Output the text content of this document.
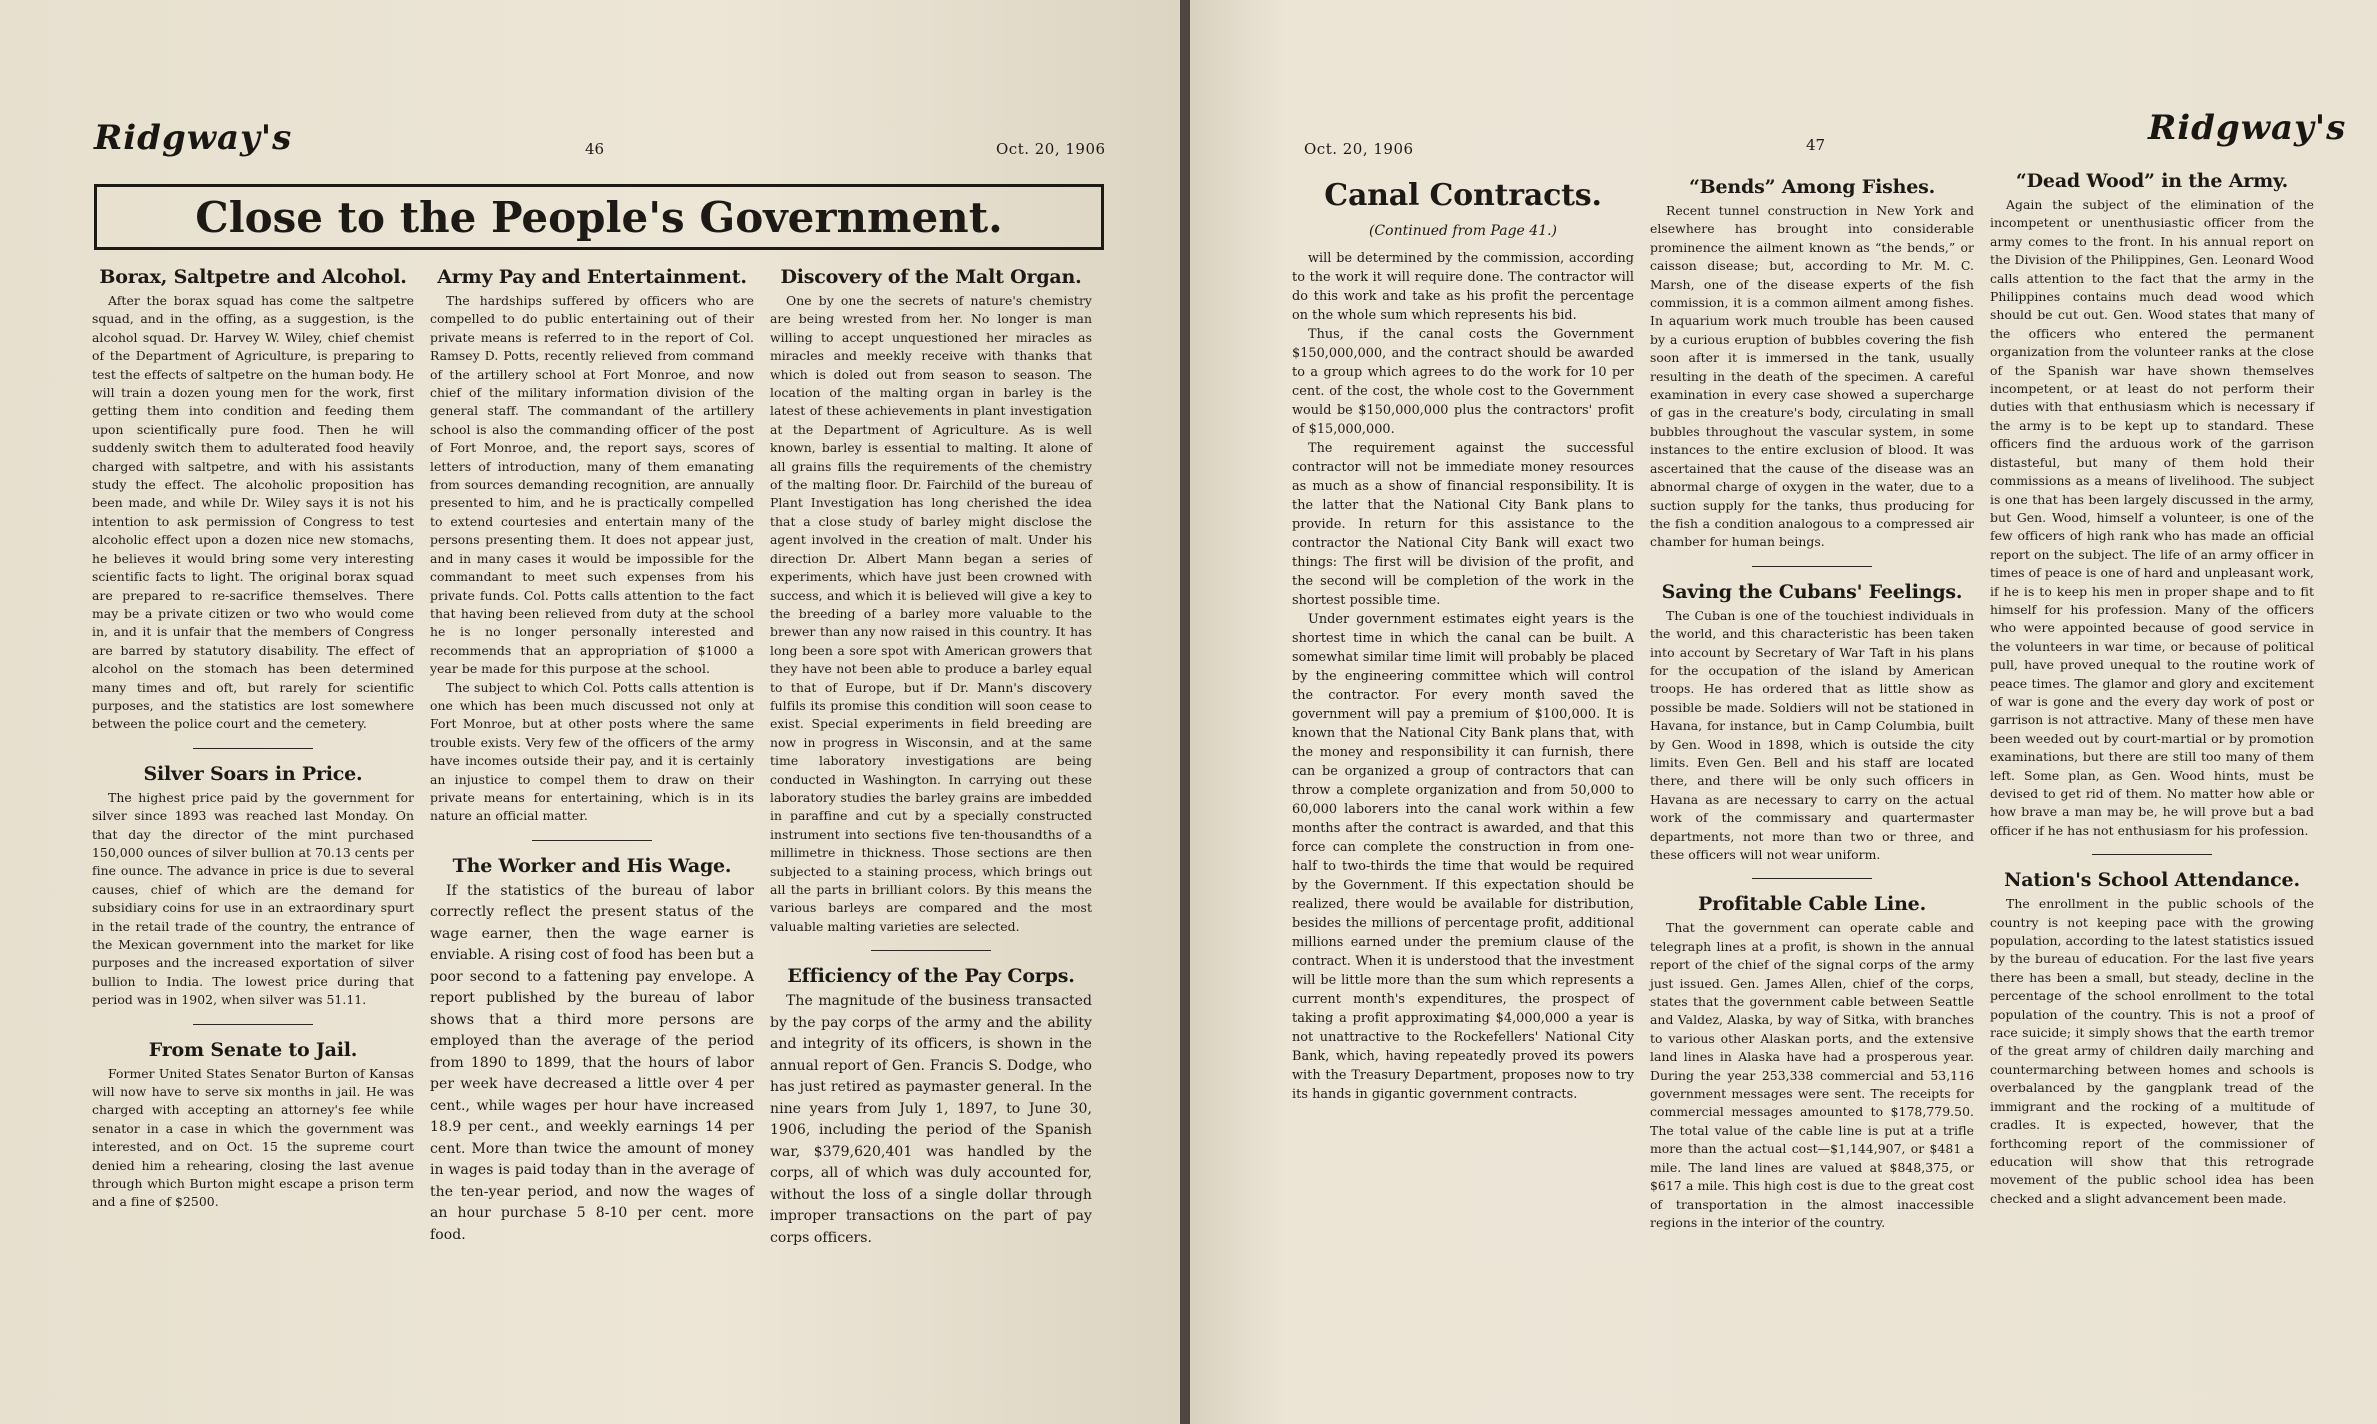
Ridgway's	46	Oct. 20, 1906
Close to the People's Government.
Borax, Saltpetre and Alcohol.

After the borax squad has come the saltpetre squad, and in the offing, as a suggestion, is the alcohol squad. Dr. Harvey W. Wiley, chief chemist of the Department of Agriculture, is preparing to test the effects of saltpetre on the human body. He will train a dozen young men for the work, first getting them into condition and feeding them upon scientifically pure food. Then he will suddenly switch them to adulterated food heavily charged with saltpetre, and with his assistants study the effect. The alcoholic proposition has been made, and while Dr. Wiley says it is not his intention to ask permission of Congress to test alcoholic effect upon a dozen nice new stomachs, he believes it would bring some very interesting scientific facts to light. The original borax squad are prepared to re-sacrifice themselves. There may be a private citizen or two who would come in, and it is unfair that the members of Congress are barred by statutory disability. The effect of alcohol on the stomach has been determined many times and oft, but rarely for scientific purposes, and the statistics are lost somewhere between the police court and the cemetery.

Silver Soars in Price.

The highest price paid by the government for silver since 1893 was reached last Monday. On that day the director of the mint purchased 150,000 ounces of silver bullion at 70.13 cents per fine ounce. The advance in price is due to several causes, chief of which are the demand for subsidiary coins for use in an extraordinary spurt in the retail trade of the country, the entrance of the Mexican government into the market for like purposes and the increased exportation of silver bullion to India. The lowest price during that period was in 1902, when silver was 51.11.

From Senate to Jail.

Former United States Senator Burton of Kansas will now have to serve six months in jail. He was charged with accepting an attorney's fee while senator in a case in which the government was interested, and on Oct. 15 the supreme court denied him a rehearing, closing the last avenue through which Burton might escape a prison term and a fine of $2500.

Army Pay and Entertainment.

The hardships suffered by officers who are compelled to do public entertaining out of their private means is referred to in the report of Col. Ramsey D. Potts, recently relieved from command of the artillery school at Fort Monroe, and now chief of the military information division of the general staff. The commandant of the artillery school is also the commanding officer of the post of Fort Monroe, and, the report says, scores of letters of introduction, many of them emanating from sources demanding recognition, are annually presented to him, and he is practically compelled to extend courtesies and entertain many of the persons presenting them. It does not appear just, and in many cases it would be impossible for the commandant to meet such expenses from his private funds. Col. Potts calls attention to the fact that having been relieved from duty at the school he is no longer personally interested and recommends that an appropriation of $1000 a year be made for this purpose at the school.
The subject to which Col. Potts calls attention is one which has been much discussed not only at Fort Monroe, but at other posts where the same trouble exists. Very few of the officers of the army have incomes outside their pay, and it is certainly an injustice to compel them to draw on their private means for entertaining, which is in its nature an official matter.

The Worker and His Wage.

If the statistics of the bureau of labor correctly reflect the present status of the wage earner, then the wage earner is enviable. A rising cost of food has been but a poor second to a fattening pay envelope. A report published by the bureau of labor shows that a third more persons are employed than the average of the period from 1890 to 1899, that the hours of labor per week have decreased a little over 4 per cent., while wages per hour have increased 18.9 per cent., and weekly earnings 14 per cent. More than twice the amount of money in wages is paid today than in the average of the ten-year period, and now the wages of an hour purchase 5 8-10 per cent. more food.

Discovery of the Malt Organ.

One by one the secrets of nature's chemistry are being wrested from her. No longer is man willing to accept unquestioned her miracles as miracles and meekly receive with thanks that which is doled out from season to season. The location of the malting organ in barley is the latest of these achievements in plant investigation at the Department of Agriculture. As is well known, barley is essential to malting. It alone of all grains fills the requirements of the chemistry of the malting floor. Dr. Fairchild of the bureau of Plant Investigation has long cherished the idea that a close study of barley might disclose the agent involved in the creation of malt. Under his direction Dr. Albert Mann began a series of experiments, which have just been crowned with success, and which it is believed will give a key to the breeding of a barley more valuable to the brewer than any now raised in this country. It has long been a sore spot with American growers that they have not been able to produce a barley equal to that of Europe, but if Dr. Mann's discovery fulfils its promise this condition will soon cease to exist. Special experiments in field breeding are now in progress in Wisconsin, and at the same time laboratory investigations are being conducted in Washington. In carrying out these laboratory studies the barley grains are imbedded in paraffine and cut by a specially constructed instrument into sections five ten-thousandths of a millimetre in thickness. Those sections are then subjected to a staining process, which brings out all the parts in brilliant colors. By this means the various barleys are compared and the most valuable malting varieties are selected.

Efficiency of the Pay Corps.

The magnitude of the business transacted by the pay corps of the army and the ability and integrity of its officers, is shown in the annual report of Gen. Francis S. Dodge, who has just retired as paymaster general. In the nine years from July 1, 1897, to June 30, 1906, including the period of the Spanish war, $379,620,401 was handled by the corps, all of which was duly accounted for, without the loss of a single dollar through improper transactions on the part of pay corps officers.

Oct. 20, 1906	47	Ridgway's
Canal Contracts.
(Continued from Page 41.)

will be determined by the commission, according to the work it will require done. The contractor will do this work and take as his profit the percentage on the whole sum which represents his bid.
Thus, if the canal costs the Government $150,000,000, and the contract should be awarded to a group which agrees to do the work for 10 per cent. of the cost, the whole cost to the Government would be $150,000,000 plus the contractors' profit of $15,000,000.
The requirement against the successful contractor will not be immediate money resources as much as a show of financial responsibility. It is the latter that the National City Bank plans to provide. In return for this assistance to the contractor the National City Bank will exact two things: The first will be division of the profit, and the second will be completion of the work in the shortest possible time.
Under government estimates eight years is the shortest time in which the canal can be built. A somewhat similar time limit will probably be placed by the engineering committee which will control the contractor. For every month saved the government will pay a premium of $100,000. It is known that the National City Bank plans that, with the money and responsibility it can furnish, there can be organized a group of contractors that can throw a complete organization and from 50,000 to 60,000 laborers into the canal work within a few months after the contract is awarded, and that this force can complete the construction in from one-half to two-thirds the time that would be required by the Government. If this expectation should be realized, there would be available for distribution, besides the millions of percentage profit, additional millions earned under the premium clause of the contract. When it is understood that the investment will be little more than the sum which represents a current month's expenditures, the prospect of taking a profit approximating $4,000,000 a year is not unattractive to the Rockefellers' National City Bank, which, having repeatedly proved its powers with the Treasury Department, proposes now to try its hands in gigantic government contracts.

“Bends” Among Fishes.

Recent tunnel construction in New York and elsewhere has brought into considerable prominence the ailment known as “the bends,” or caisson disease; but, according to Mr. M. C. Marsh, one of the disease experts of the fish commission, it is a common ailment among fishes. In aquarium work much trouble has been caused by a curious eruption of bubbles covering the fish soon after it is immersed in the tank, usually resulting in the death of the specimen. A careful examination in every case showed a supercharge of gas in the creature's body, circulating in small bubbles throughout the vascular system, in some instances to the entire exclusion of blood. It was ascertained that the cause of the disease was an abnormal charge of oxygen in the water, due to a suction supply for the tanks, thus producing for the fish a condition analogous to a compressed air chamber for human beings.

Saving the Cubans' Feelings.

The Cuban is one of the touchiest individuals in the world, and this characteristic has been taken into account by Secretary of War Taft in his plans for the occupation of the island by American troops. He has ordered that as little show as possible be made. Soldiers will not be stationed in Havana, for instance, but in Camp Columbia, built by Gen. Wood in 1898, which is outside the city limits. Even Gen. Bell and his staff are located there, and there will be only such officers in Havana as are necessary to carry on the actual work of the commissary and quartermaster departments, not more than two or three, and these officers will not wear uniform.

Profitable Cable Line.

That the government can operate cable and telegraph lines at a profit, is shown in the annual report of the chief of the signal corps of the army just issued. Gen. James Allen, chief of the corps, states that the government cable between Seattle and Valdez, Alaska, by way of Sitka, with branches to various other Alaskan ports, and the extensive land lines in Alaska have had a prosperous year. During the year 253,338 commercial and 53,116 government messages were sent. The receipts for commercial messages amounted to $178,779.50. The total value of the cable line is put at a trifle more than the actual cost—$1,144,907, or $481 a mile. The land lines are valued at $848,375, or $617 a mile. This high cost is due to the great cost of transportation in the almost inaccessible regions in the interior of the country.

“Dead Wood” in the Army.

Again the subject of the elimination of the incompetent or unenthusiastic officer from the army comes to the front. In his annual report on the Division of the Philippines, Gen. Leonard Wood calls attention to the fact that the army in the Philippines contains much dead wood which should be cut out. Gen. Wood states that many of the officers who entered the permanent organization from the volunteer ranks at the close of the Spanish war have shown themselves incompetent, or at least do not perform their duties with that enthusiasm which is necessary if the army is to be kept up to standard. These officers find the arduous work of the garrison distasteful, but many of them hold their commissions as a means of livelihood. The subject is one that has been largely discussed in the army, but Gen. Wood, himself a volunteer, is one of the few officers of high rank who has made an official report on the subject. The life of an army officer in times of peace is one of hard and unpleasant work, if he is to keep his men in proper shape and to fit himself for his profession. Many of the officers who were appointed because of good service in the volunteers in war time, or because of political pull, have proved unequal to the routine work of peace times. The glamor and glory and excitement of war is gone and the every day work of post or garrison is not attractive. Many of these men have been weeded out by court-martial or by promotion examinations, but there are still too many of them left. Some plan, as Gen. Wood hints, must be devised to get rid of them. No matter how able or how brave a man may be, he will prove but a bad officer if he has not enthusiasm for his profession.

Nation's School Attendance.

The enrollment in the public schools of the country is not keeping pace with the growing population, according to the latest statistics issued by the bureau of education. For the last five years there has been a small, but steady, decline in the percentage of the school enrollment to the total population of the country. This is not a proof of race suicide; it simply shows that the earth tremor of the great army of children daily marching and countermarching between homes and schools is overbalanced by the gangplank tread of the immigrant and the rocking of a multitude of cradles. It is expected, however, that the forthcoming report of the commissioner of education will show that this retrograde movement of the public school idea has been checked and a slight advancement been made.
